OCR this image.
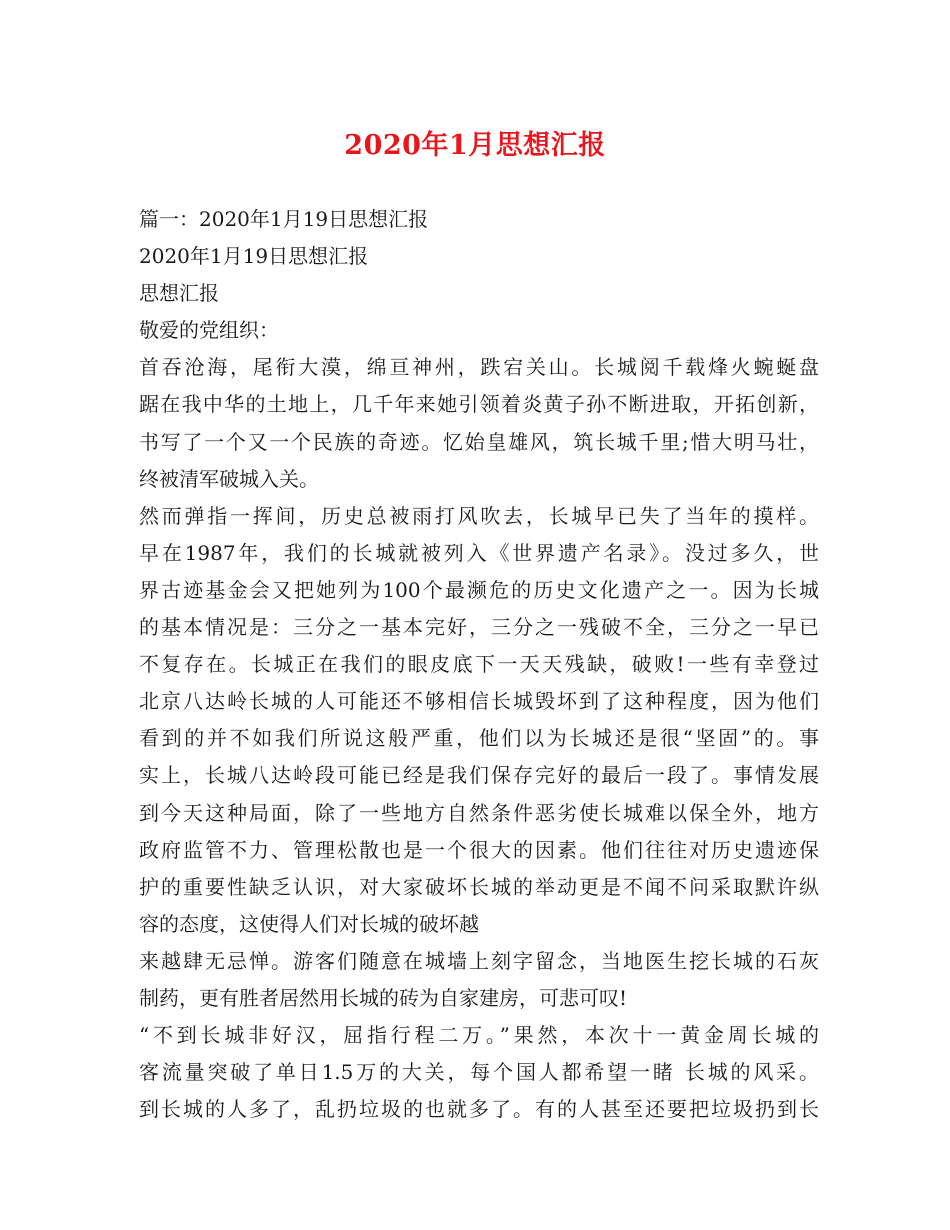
2020年1月思想汇报
篇一：2020年1月19日思想汇报
2020年1月19日思想汇报
思想汇报
敬爱的党组织：
首吞沧海，尾衔大漠，绵亘神州，跌宕关山。长城阅千载烽火蜿蜒盘
踞在我中华的土地上，几千年来她引领着炎黄子孙不断进取，开拓创新，
书写了一个又一个民族的奇迹。忆始皇雄风，筑长城千里;惜大明马壮，
终被清军破城入关。
然而弹指一挥间，历史总被雨打风吹去，长城早已失了当年的摸样。
早在1987年，我们的长城就被列入《世界遗产名录》。没过多久，世
界古迹基金会又把她列为100个最濒危的历史文化遗产之一。因为长城
的基本情况是：三分之一基本完好，三分之一残破不全，三分之一早已
不复存在。长城正在我们的眼皮底下一天天残缺，破败!一些有幸登过
北京八达岭长城的人可能还不够相信长城毁坏到了这种程度，因为他们
看到的并不如我们所说这般严重，他们以为长城还是很“坚固”的。事
实上，长城八达岭段可能已经是我们保存完好的最后一段了。事情发展
到今天这种局面，除了一些地方自然条件恶劣使长城难以保全外，地方
政府监管不力、管理松散也是一个很大的因素。他们往往对历史遗迹保
护的重要性缺乏认识，对大家破坏长城的举动更是不闻不问采取默许纵
容的态度，这使得人们对长城的破坏越
来越肆无忌惮。游客们随意在城墙上刻字留念，当地医生挖长城的石灰
制药，更有胜者居然用长城的砖为自家建房，可悲可叹!
“不到长城非好汉，屈指行程二万。”果然，本次十一黄金周长城的
客流量突破了单日1.5万的大关，每个国人都希望一睹 长城的风采。
到长城的人多了，乱扔垃圾的也就多了。有的人甚至还要把垃圾扔到长
